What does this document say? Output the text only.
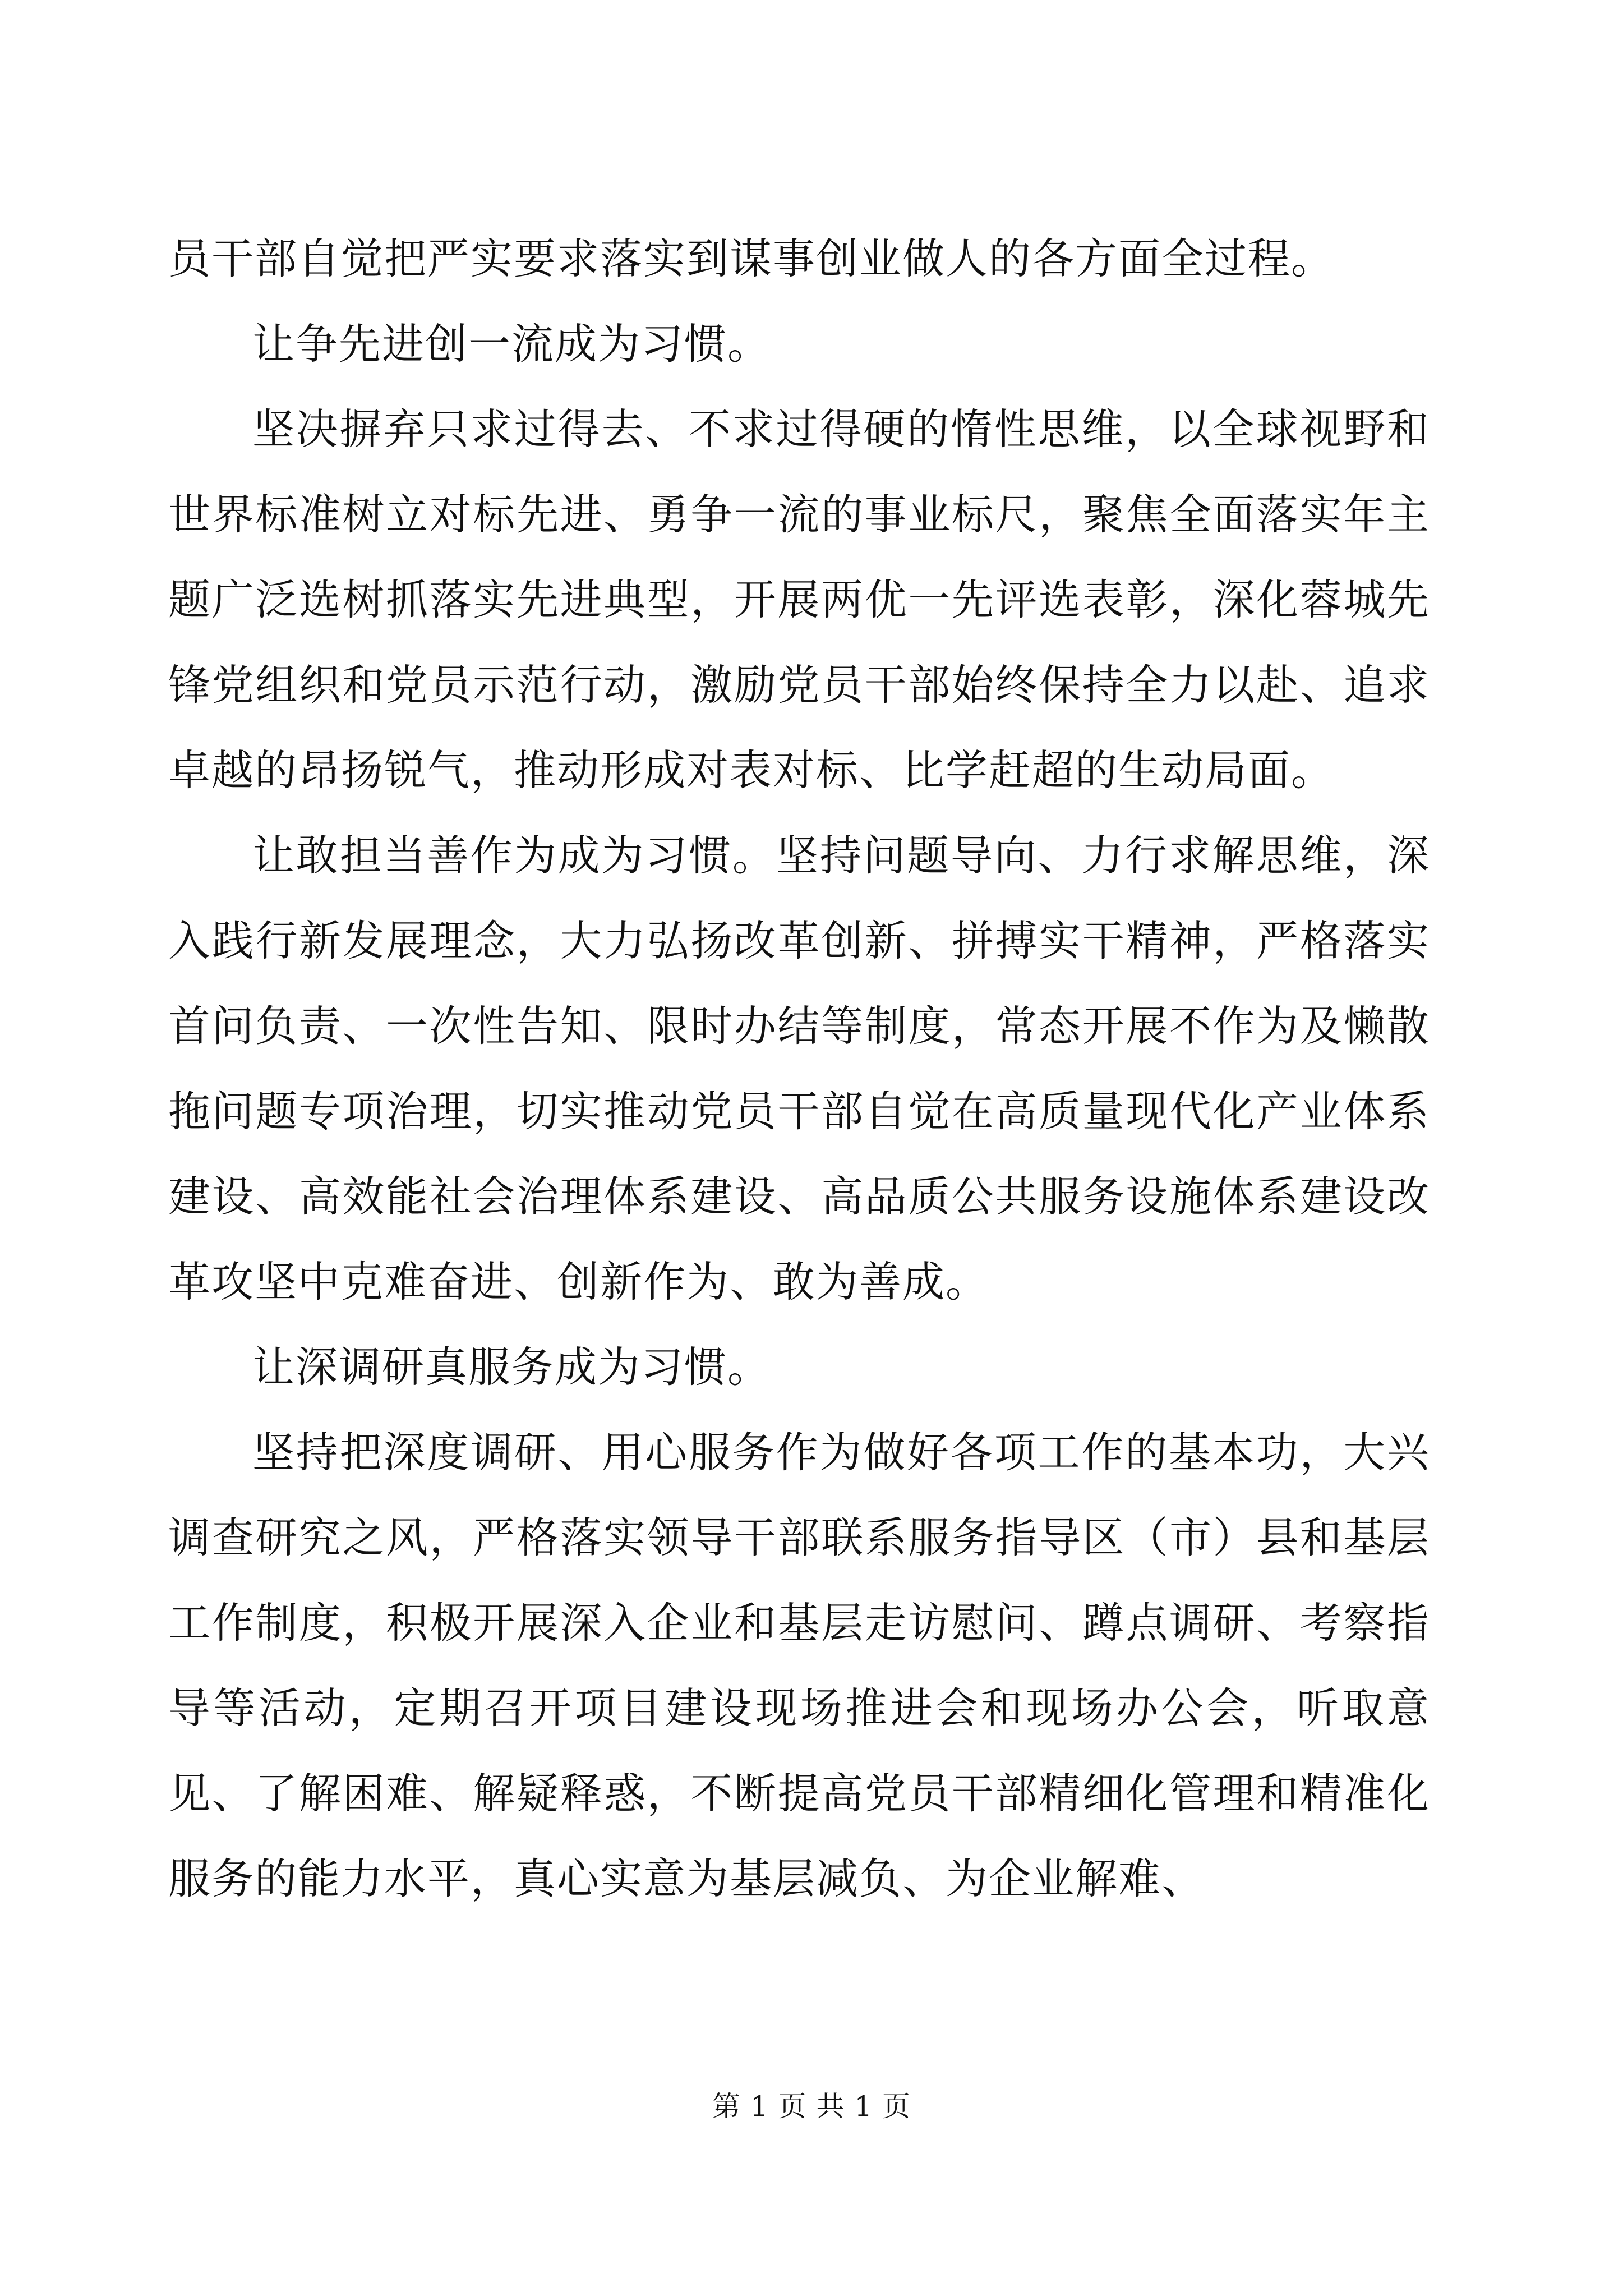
员干部自觉把严实要求落实到谋事创业做人的各方面全过程。

让争先进创一流成为习惯。

坚决摒弃只求过得去、不求过得硬的惰性思维，以全球视野和世界标准树立对标先进、勇争一流的事业标尺，聚焦全面落实年主题广泛选树抓落实先进典型，开展两优一先评选表彰，深化蓉城先锋党组织和党员示范行动，激励党员干部始终保持全力以赴、追求卓越的昂扬锐气，推动形成对表对标、比学赶超的生动局面。

让敢担当善作为成为习惯。坚持问题导向、力行求解思维，深入践行新发展理念，大力弘扬改革创新、拼搏实干精神，严格落实首问负责、一次性告知、限时办结等制度，常态开展不作为及懒散拖问题专项治理，切实推动党员干部自觉在高质量现代化产业体系建设、高效能社会治理体系建设、高品质公共服务设施体系建设改革攻坚中克难奋进、创新作为、敢为善成。

让深调研真服务成为习惯。

坚持把深度调研、用心服务作为做好各项工作的基本功，大兴调查研究之风，严格落实领导干部联系服务指导区（市）县和基层工作制度，积极开展深入企业和基层走访慰问、蹲点调研、考察指导等活动，定期召开项目建设现场推进会和现场办公会，听取意见、了解困难、解疑释惑，不断提高党员干部精细化管理和精准化服务的能力水平，真心实意为基层减负、为企业解难、

第 1 页 共 1 页
